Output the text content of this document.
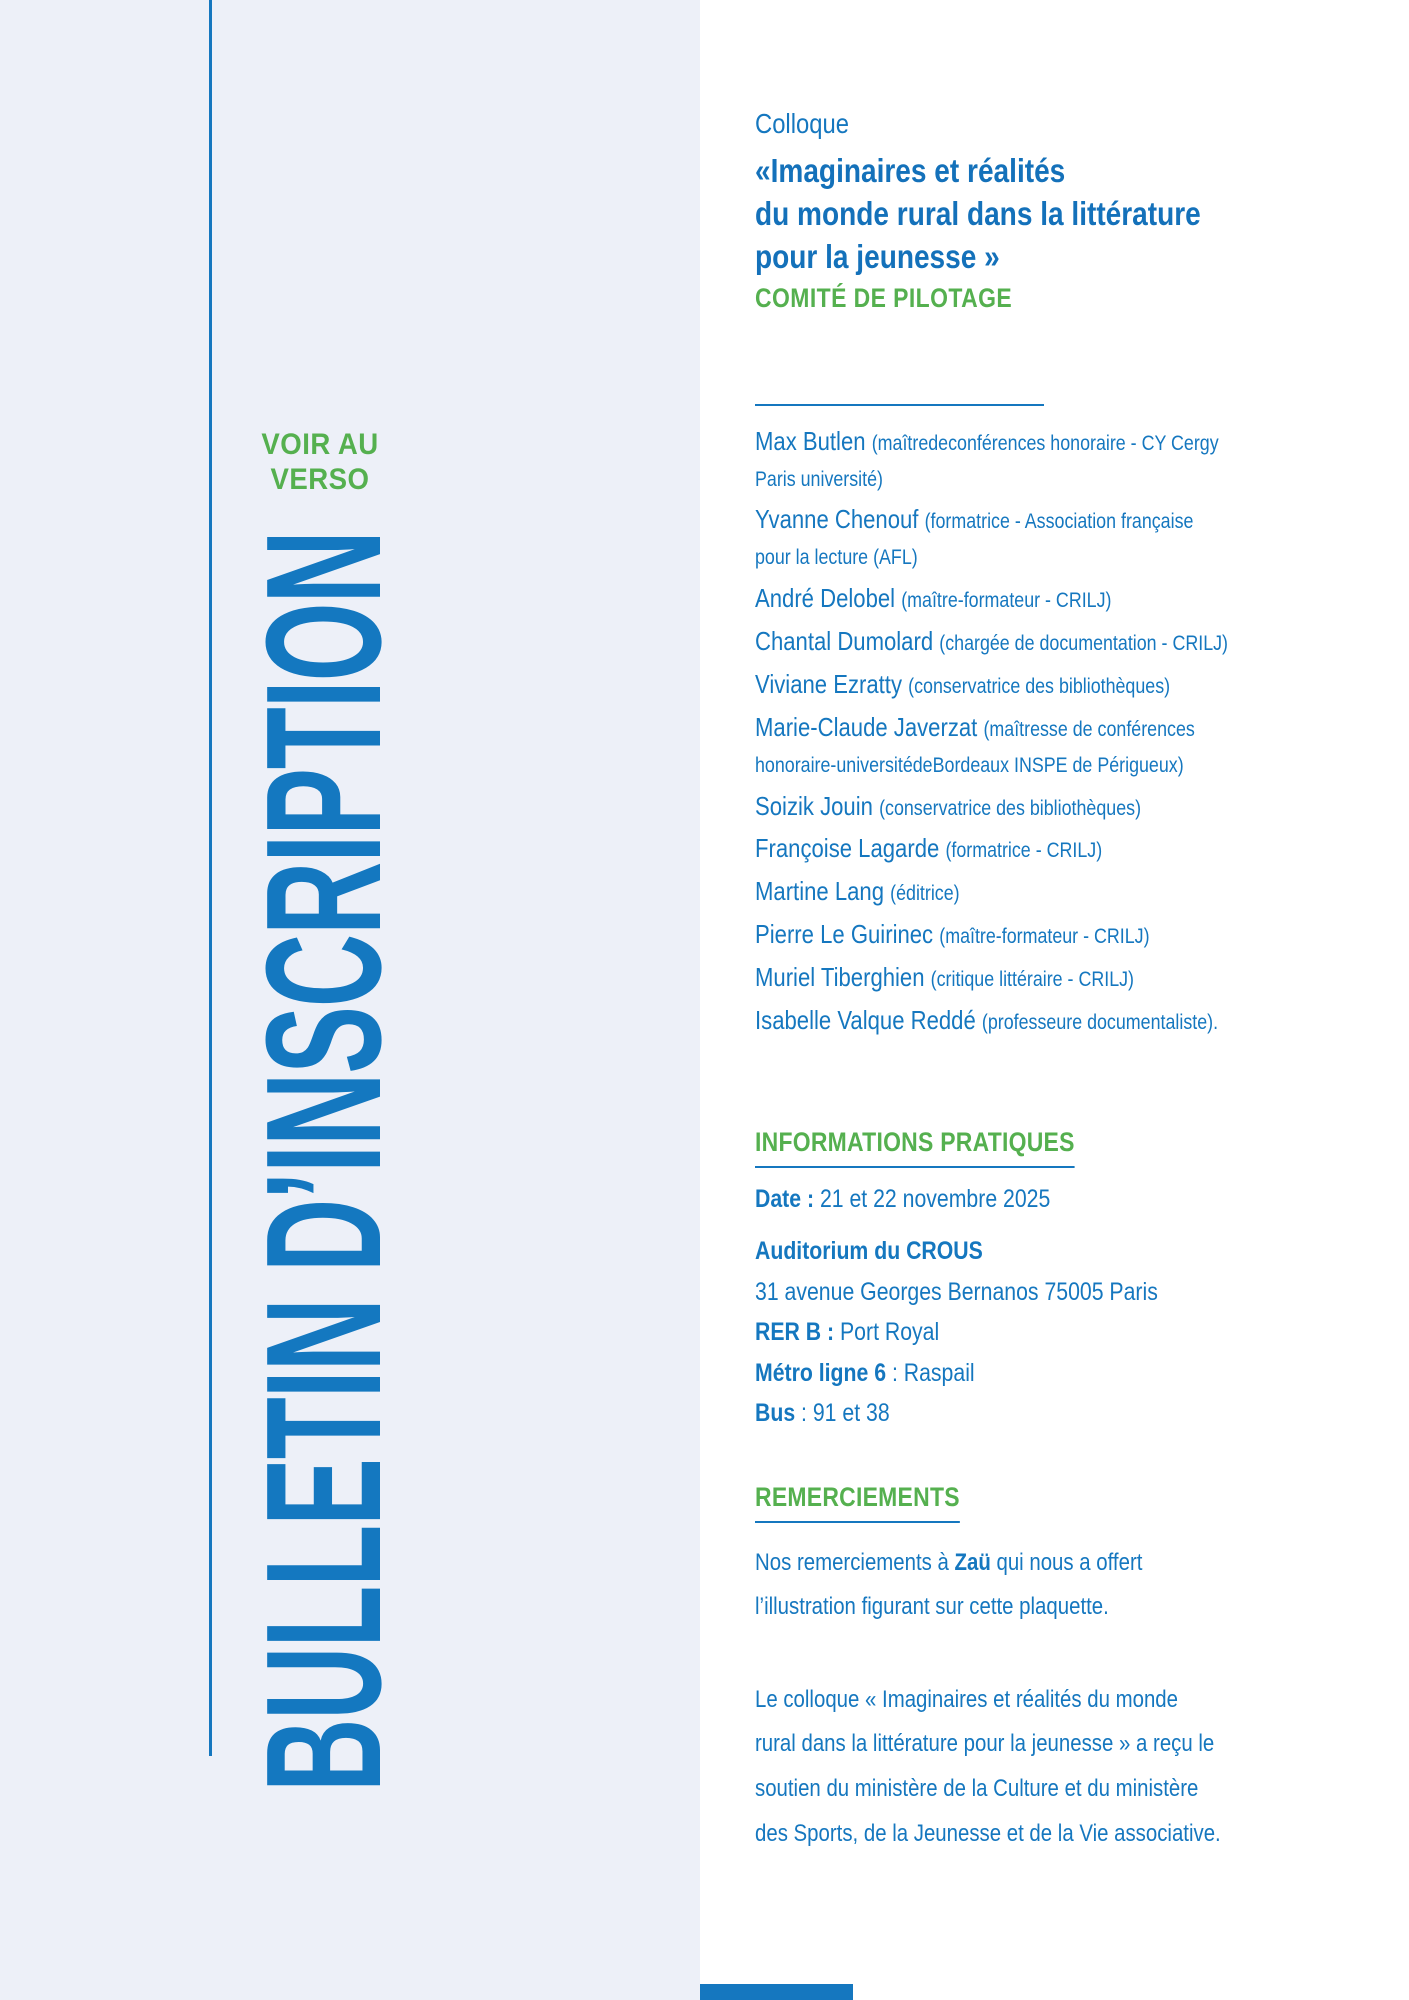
VOIR AU
VERSO
BULLETIN D’INSCRIPTION
Colloque
«Imaginaires et réalités
du monde rural dans la littérature
pour la jeunesse »
COMITÉ DE PILOTAGE
Max Butlen (maîtredeconférences honoraire - CY Cergy Paris université)
Yvanne Chenouf (formatrice - Association française pour la lecture (AFL)
André Delobel (maître-formateur - CRILJ)
Chantal Dumolard (chargée de documentation - CRILJ)
Viviane Ezratty (conservatrice des bibliothèques)
Marie-Claude Javerzat (maîtresse de conférences honoraire-universitédeBordeaux INSPE de Périgueux)
Soizik Jouin (conservatrice des bibliothèques)
Françoise Lagarde (formatrice - CRILJ)
Martine Lang (éditrice)
Pierre Le Guirinec (maître-formateur - CRILJ)
Muriel Tiberghien (critique littéraire - CRILJ)
Isabelle Valque Reddé (professeure documentaliste).
INFORMATIONS PRATIQUES
Date : 21 et 22 novembre 2025
Auditorium du CROUS
31 avenue Georges Bernanos 75005 Paris
RER B : Port Royal
Métro ligne 6 : Raspail
Bus : 91 et 38
REMERCIEMENTS
Nos remerciements à Zaü qui nous a offert
l’illustration figurant sur cette plaquette.
Le colloque « Imaginaires et réalités du monde
rural dans la littérature pour la jeunesse » a reçu le
soutien du ministère de la Culture et du ministère
des Sports, de la Jeunesse et de la Vie associative.
